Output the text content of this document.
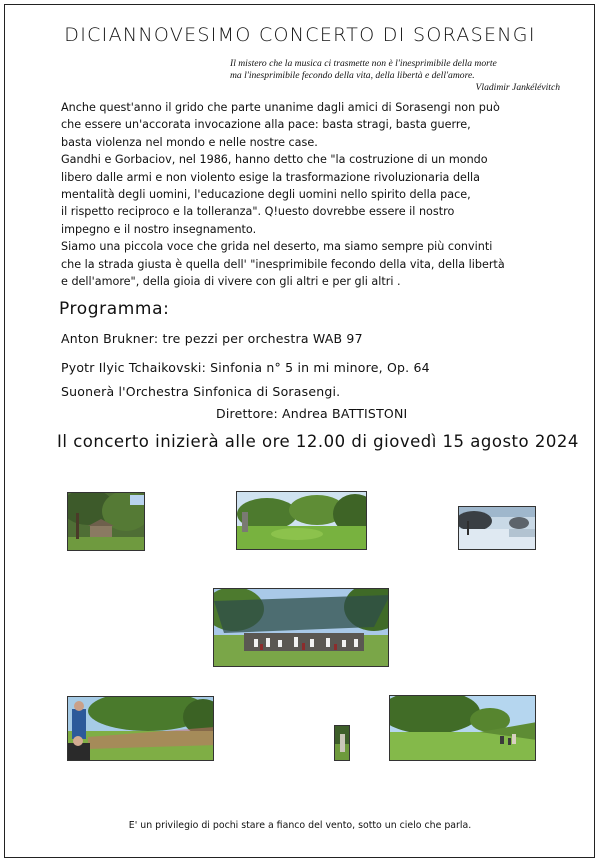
DICIANNOVESIMO CONCERTO DI SORASENGI
Il mistero che la musica ci trasmette non è l'inesprimibile della morte
ma l'inesprimibile fecondo della vita, della libertà e dell'amore.
Vladimir Jankélévitch

Anche quest'anno il grido che parte unanime dagli amici di Sorasengi non può

che essere un'accorata invocazione alla pace: basta stragi, basta guerre,

basta violenza nel mondo e nelle nostre case.

Gandhi e Gorbaciov, nel 1986, hanno detto che "la costruzione di un mondo

libero dalle armi e non violento esige la trasformazione rivoluzionaria della

mentalità degli uomini, l'educazione degli uomini nello spirito della pace,

il rispetto reciproco e la tolleranza". Q!uesto dovrebbe essere il nostro

impegno e il nostro insegnamento.

Siamo una piccola voce che grida nel deserto, ma siamo sempre più convinti

che la strada giusta è quella dell' "inesprimibile fecondo della vita, della libertà

e dell'amore", della gioia di vivere con gli altri e per gli altri .

Programma:
Anton Brukner: tre pezzi per orchestra WAB 97
Pyotr Ilyic Tchaikovski: Sinfonia n° 5 in mi minore, Op. 64
Suonerà l'Orchestra Sinfonica di Sorasengi.
Direttore: Andrea BATTISTONI
Il concerto inizierà alle ore 12.00 di giovedì 15 agosto 2024
E' un privilegio di pochi stare a fianco del vento, sotto un cielo che parla.
